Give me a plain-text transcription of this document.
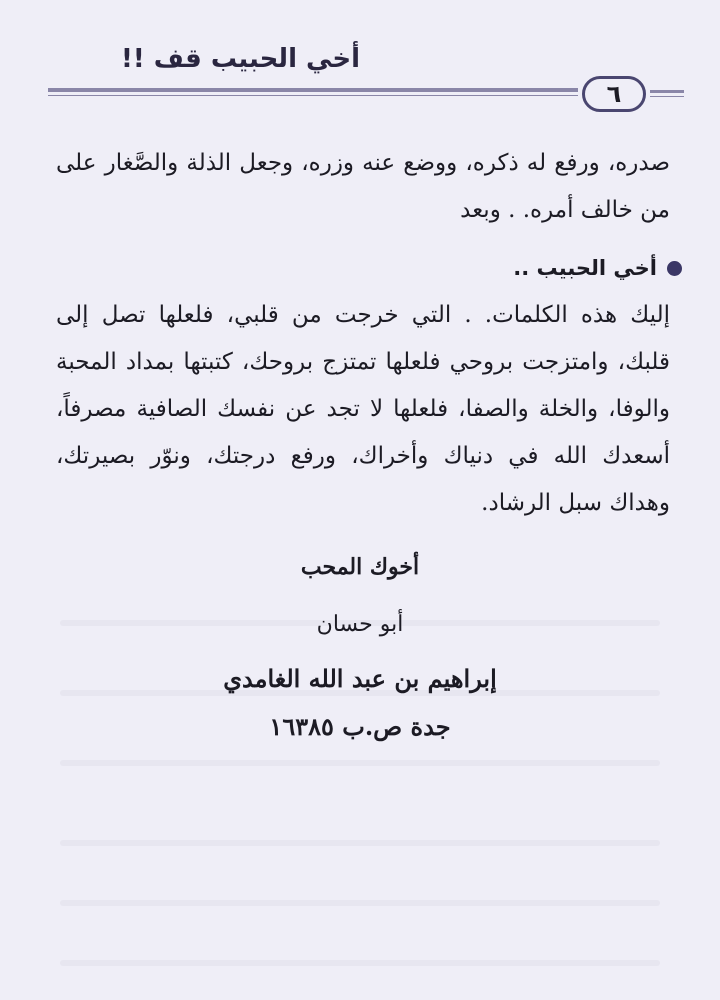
أخي الحبيب قف !!
٦

صدره، ورفع له ذكره، ووضع عنه وزره، وجعل الذلة والصَّغار على من خالف أمره. . وبعد

أخي الحبيب ..

إليك هذه الكلمات. . التي خرجت من قلبي، فلعلها تصل إلى قلبك، وامتزجت بروحي فلعلها تمتزج بروحك، كتبتها بمداد المحبة والوفا، والخلة والصفا، فلعلها لا تجد عن نفسك الصافية مصرفاً، أسعدك الله في دنياك وأخراك، ورفع درجتك، ونوّر بصيرتك، وهداك سبل الرشاد.

أخوك المحب
أبو حسان
إبراهيم بن عبد الله الغامدي
جدة ص.ب ١٦٣٨٥
